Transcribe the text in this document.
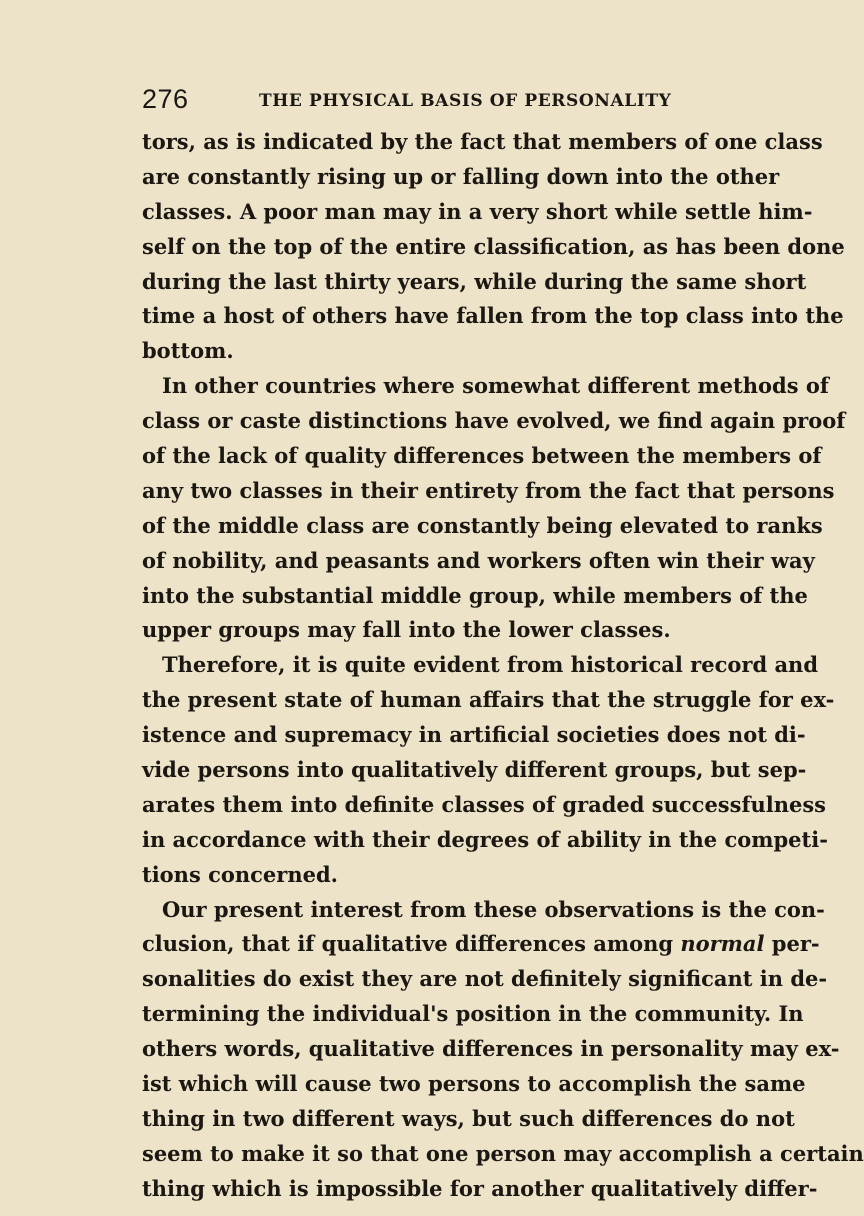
276	THE PHYSICAL BASIS OF PERSONALITY
tors, as is indicated by the fact that members of one class
are constantly rising up or falling down into the other
classes. A poor man may in a very short while settle him-
self on the top of the entire classification, as has been done
during the last thirty years, while during the same short
time a host of others have fallen from the top class into the
bottom.
In other countries where somewhat different methods of
class or caste distinctions have evolved, we find again proof
of the lack of quality differences between the members of
any two classes in their entirety from the fact that persons
of the middle class are constantly being elevated to ranks
of nobility, and peasants and workers often win their way
into the substantial middle group, while members of the
upper groups may fall into the lower classes.
Therefore, it is quite evident from historical record and
the present state of human affairs that the struggle for ex-
istence and supremacy in artificial societies does not di-
vide persons into qualitatively different groups, but sep-
arates them into definite classes of graded successfulness
in accordance with their degrees of ability in the competi-
tions concerned.
Our present interest from these observations is the con-
clusion, that if qualitative differences among normal per-
sonalities do exist they are not definitely significant in de-
termining the individual's position in the community. In
others words, qualitative differences in personality may ex-
ist which will cause two persons to accomplish the same
thing in two different ways, but such differences do not
seem to make it so that one person may accomplish a certain
thing which is impossible for another qualitatively differ-
